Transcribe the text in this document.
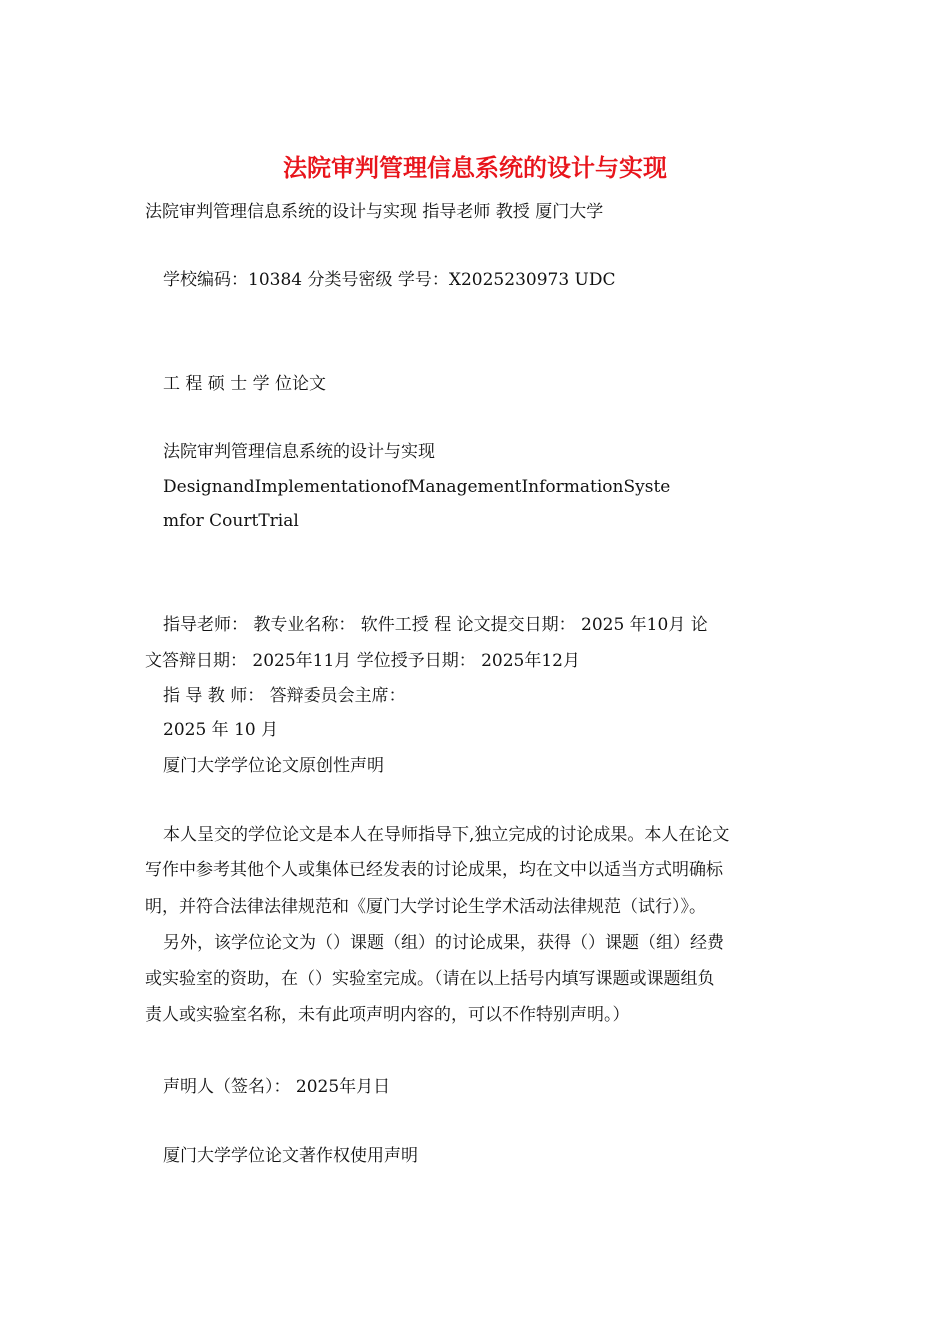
法院审判管理信息系统的设计与实现
法院审判管理信息系统的设计与实现 指导老师 教授 厦门大学
学校编码：10384 分类号密级 学号：X2025230973 UDC
工 程 硕 士 学 位论文
法院审判管理信息系统的设计与实现
DesignandImplementationofManagementInformationSyste
mfor CourtTrial
指导老师： 教专业名称： 软件工授 程 论文提交日期： 2025 年10月 论
文答辩日期： 2025年11月 学位授予日期： 2025年12月
指 导 教 师： 答辩委员会主席：
2025 年 10 月
厦门大学学位论文原创性声明
本人呈交的学位论文是本人在导师指导下,独立完成的讨论成果。本人在论文
写作中参考其他个人或集体已经发表的讨论成果，均在文中以适当方式明确标
明，并符合法律法律规范和《厦门大学讨论生学术活动法律规范（试行）》。
另外，该学位论文为（）课题（组）的讨论成果，获得（）课题（组）经费
或实验室的资助，在（）实验室完成。（请在以上括号内填写课题或课题组负
责人或实验室名称，未有此项声明内容的，可以不作特别声明。）
声明人（签名）： 2025年月日
厦门大学学位论文著作权使用声明
